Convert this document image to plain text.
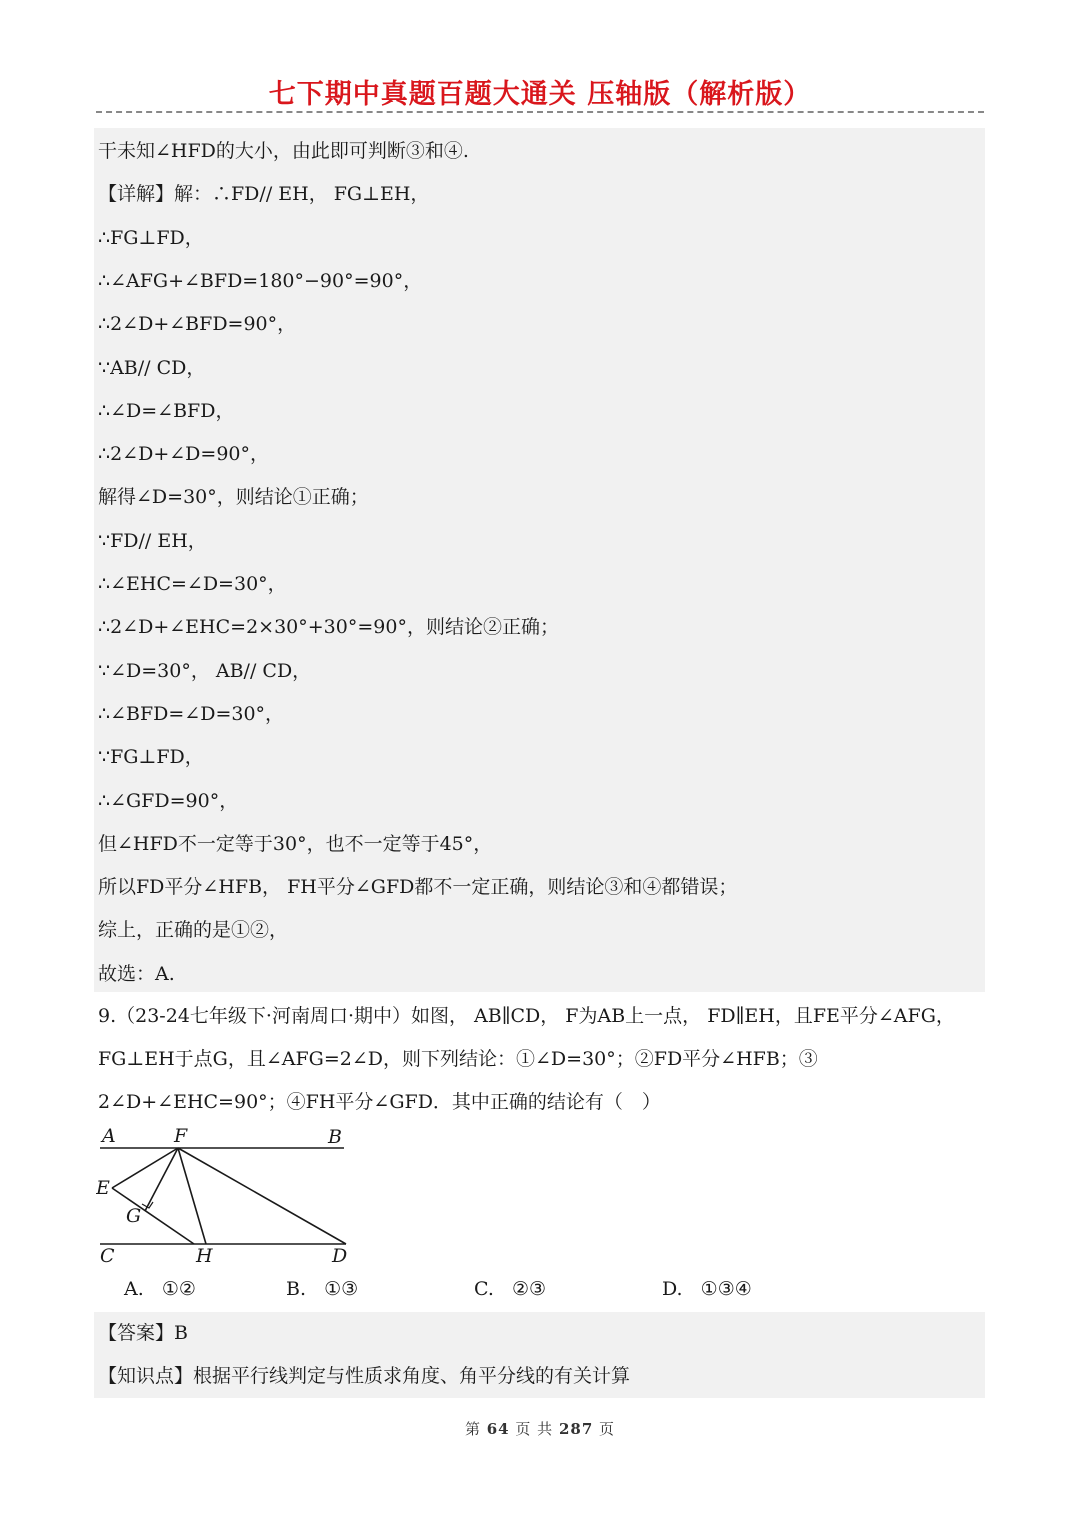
七下期中真题百题大通关 压轴版（解析版）
干未知∠HFD的大小，由此即可判断③和④.
【详解】解：∴FD// EH， FG⊥EH，
∴FG⊥FD，
∴∠AFG+∠BFD=180°−90°=90°，
∴2∠D+∠BFD=90°，
∵AB// CD，
∴∠D=∠BFD，
∴2∠D+∠D=90°，
解得∠D=30°，则结论①正确；
∵FD// EH，
∴∠EHC=∠D=30°，
∴2∠D+∠EHC=2×30°+30°=90°，则结论②正确；
∵∠D=30°， AB// CD，
∴∠BFD=∠D=30°，
∵FG⊥FD，
∴∠GFD=90°，
但∠HFD不一定等于30°，也不一定等于45°，
所以FD平分∠HFB， FH平分∠GFD都不一定正确，则结论③和④都错误；
综上，正确的是①②，
故选：A.
9.（23-24七年级下·河南周口·期中）如图， AB∥CD， F为AB上一点， FD∥EH，且FE平分∠AFG，
FG⊥EH于点G，且∠AFG=2∠D，则下列结论：①∠D=30°；②FD平分∠HFB；③
2∠D+∠EHC=90°；④FH平分∠GFD．其中正确的结论有（　）
A	F	B
E
G
C	H	D
A. ①②	B. ①③	C. ②③	D. ①③④
【答案】B
【知识点】根据平行线判定与性质求角度、角平分线的有关计算
第 64 页 共 287 页
